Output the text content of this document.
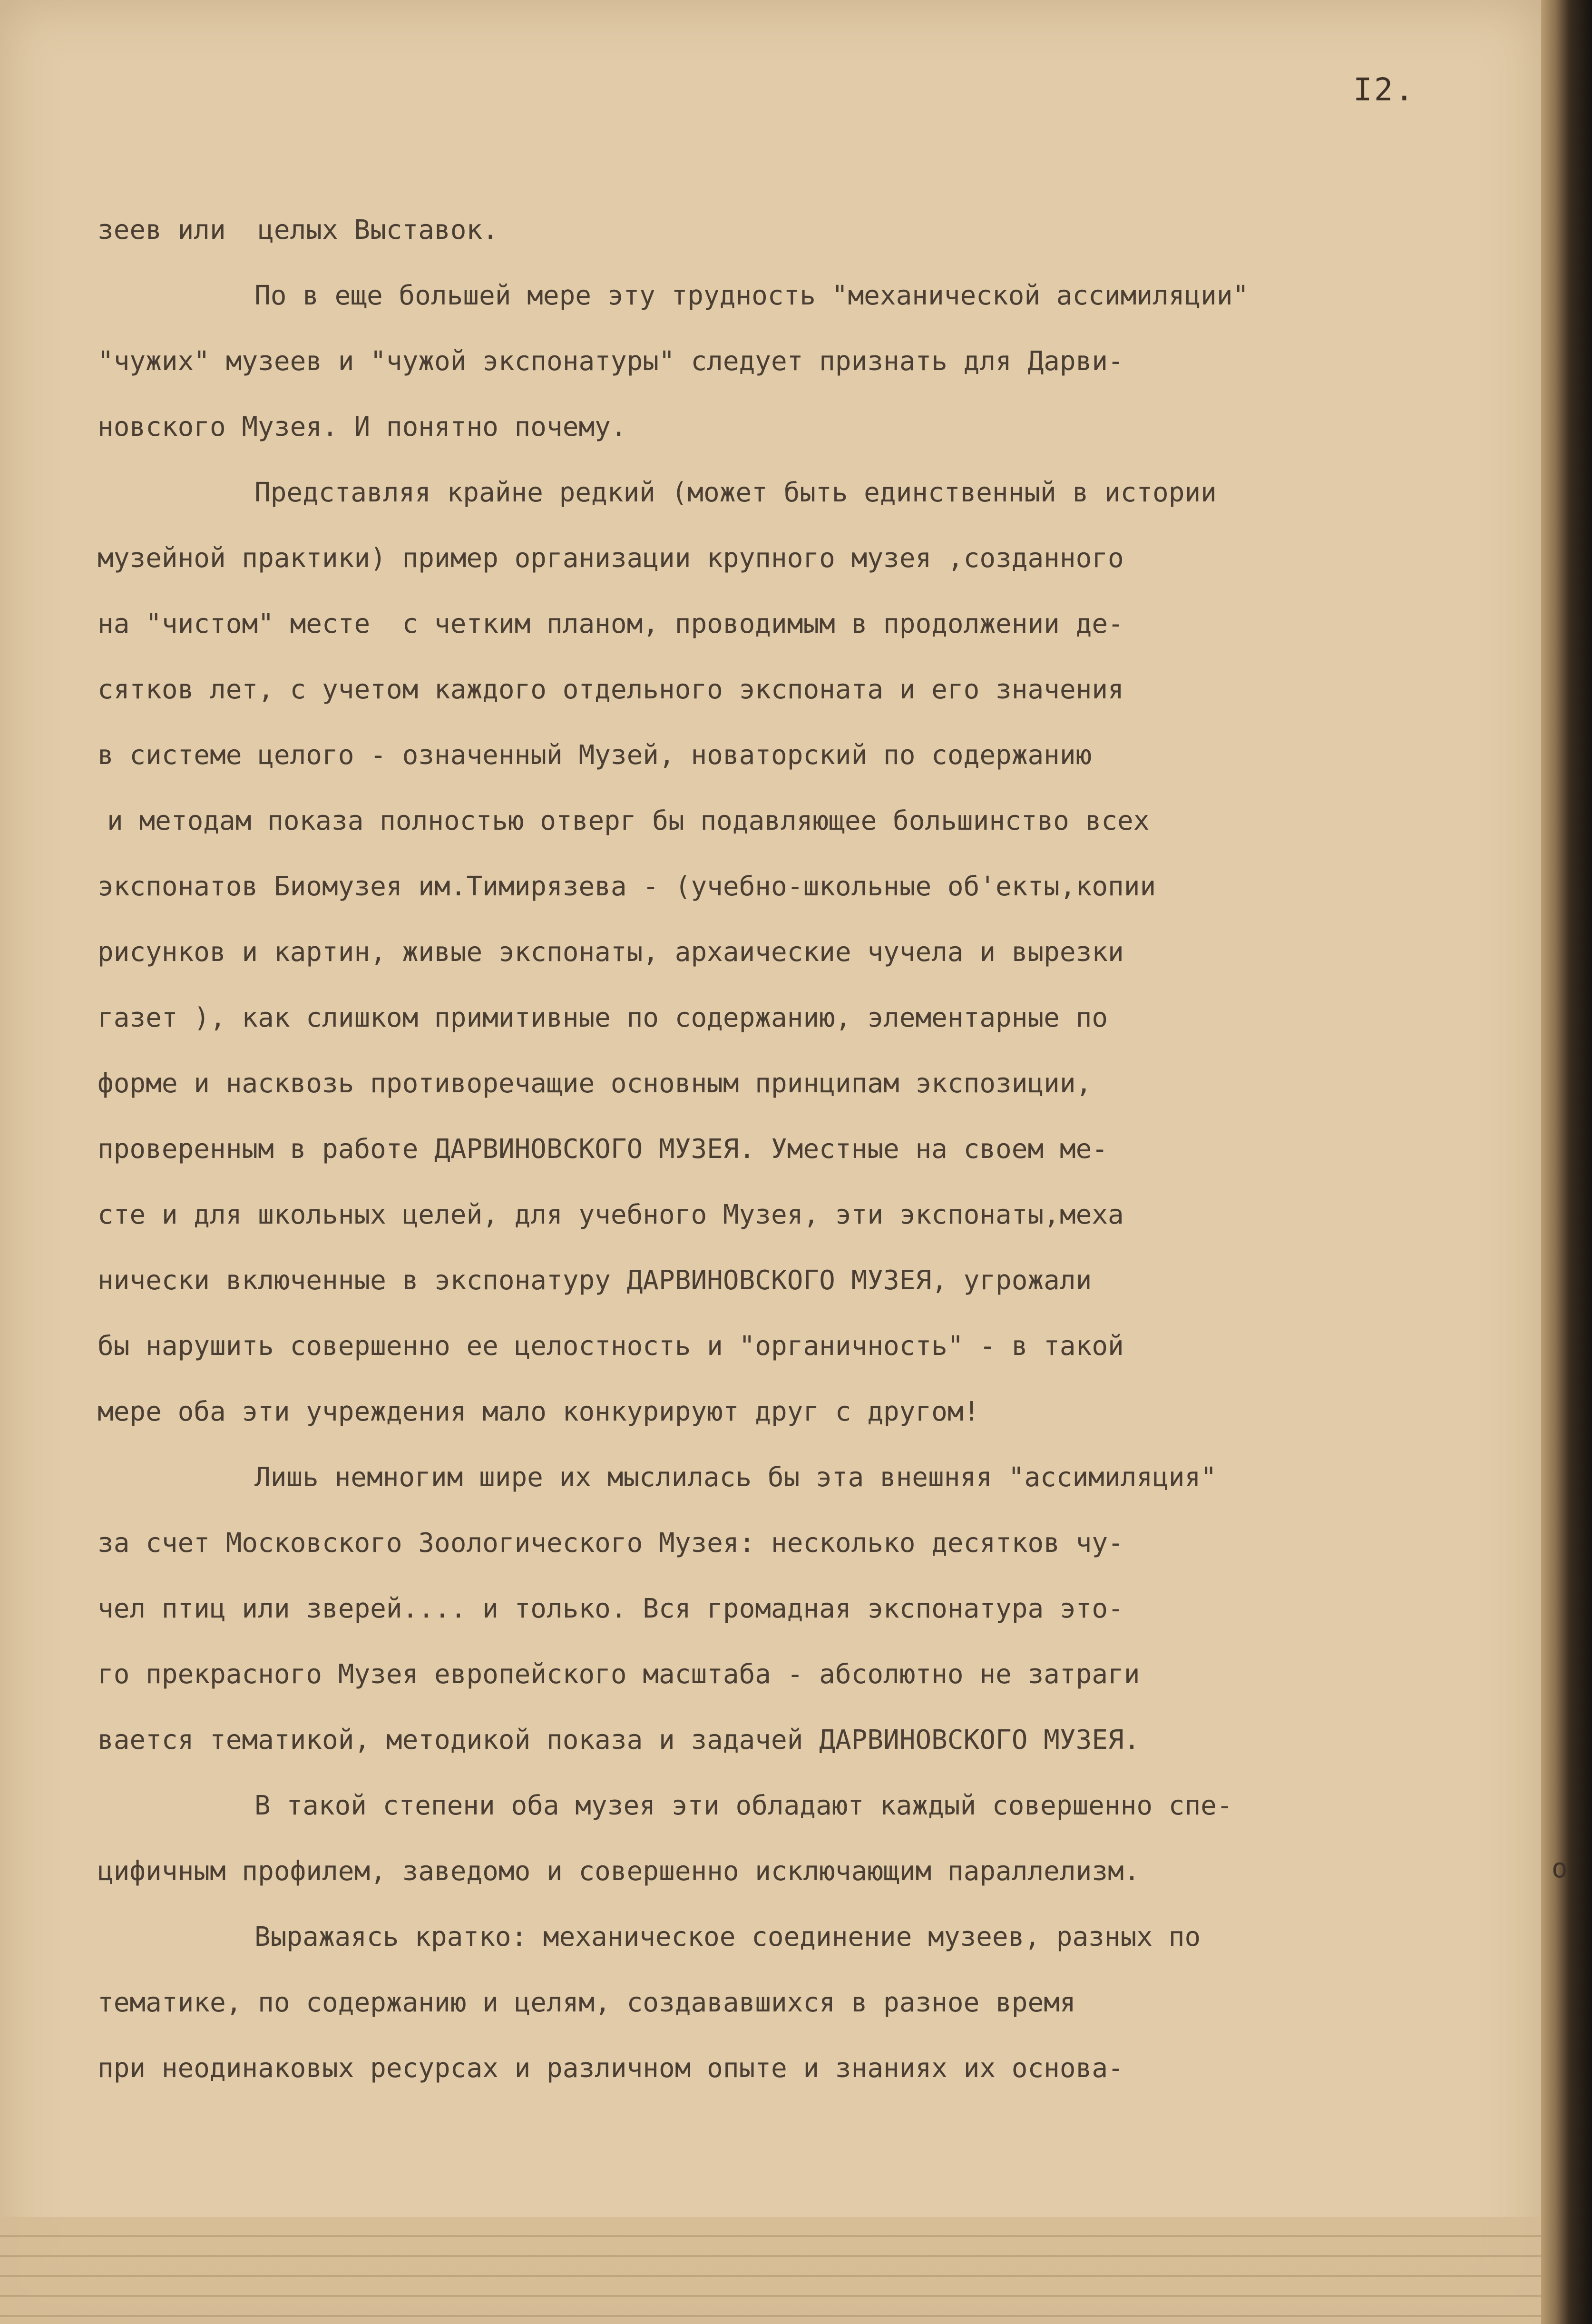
I2.
зеев или  целых Выставок.
По в еще большей мере эту трудность "механической ассимиляции"
"чужих" музеев и "чужой экспонатуры" следует признать для Дарви-
новского Музея. И понятно почему.
Представляя крайне редкий (может быть единственный в истории
музейной практики) пример организации крупного музея ,созданного
на "чистом" месте  с четким планом, проводимым в продолжении де-
сятков лет, с учетом каждого отдельного экспоната и его значения
в системе целого - означенный Музей, новаторский по содержанию
и методам показа полностью отверг бы подавляющее большинство всех
экспонатов Биомузея им.Тимирязева - (учебно-школьные об'екты,копии
рисунков и картин, живые экспонаты, архаические чучела и вырезки
газет ), как слишком примитивные по содержанию, элементарные по
форме и насквозь противоречащие основным принципам экспозиции,
проверенным в работе ДАРВИНОВСКОГО МУЗЕЯ. Уместные на своем ме-
сте и для школьных целей, для учебного Музея, эти экспонаты,меха
нически включенные в экспонатуру ДАРВИНОВСКОГО МУЗЕЯ, угрожали
бы нарушить совершенно ее целостность и "органичность" - в такой
мере оба эти учреждения мало конкурируют друг с другом!
Лишь немногим шире их мыслилась бы эта внешняя "ассимиляция"
за счет Московского Зоологического Музея: несколько десятков чу-
чел птиц или зверей.... и только. Вся громадная экспонатура это-
го прекрасного Музея европейского масштаба - абсолютно не затраги
вается тематикой, методикой показа и задачей ДАРВИНОВСКОГО МУЗЕЯ.
В такой степени оба музея эти обладают каждый совершенно спе-
цифичным профилем, заведомо и совершенно исключающим параллелизм.
Выражаясь кратко: механическое соединение музеев, разных по
тематике, по содержанию и целям, создававшихся в разное время
при неодинаковых ресурсах и различном опыте и знаниях их основа-
о
